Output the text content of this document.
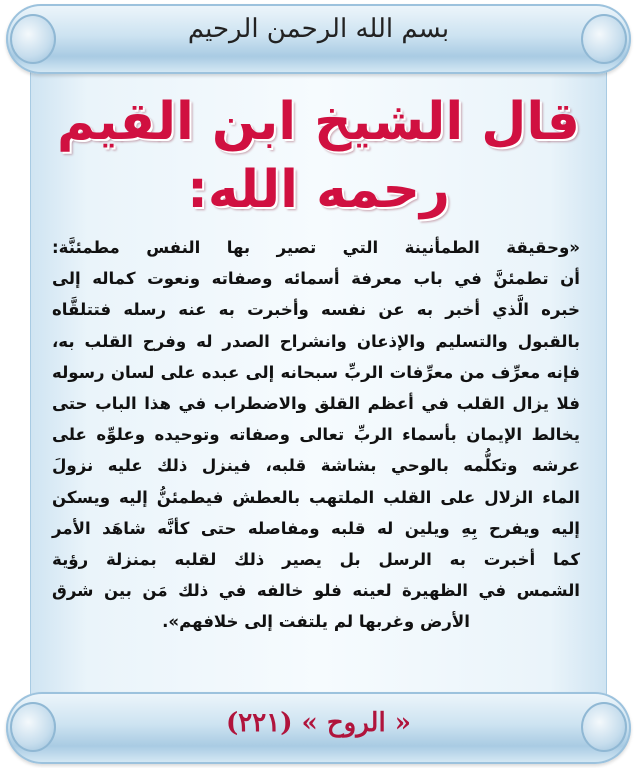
بسم الله الرحمن الرحيم
قال الشيخ ابن القيم
رحمه الله:
«وحقيقة الطمأنينة التي تصير بها النفس مطمئنَّة:
أن تطمئنَّ في باب معرفة أسمائه وصفاته ونعوت كماله إلى
خبره الَّذي أخبر به عن نفسه وأخبرت به عنه رسله فتتلقَّاه
بالقبول والتسليم والإذعان وانشراح الصدر له وفرح القلب به،
فإنه معرِّف من معرِّفات الربِّ سبحانه إلى عبده على لسان رسوله
فلا يزال القلب في أعظم القلق والاضطراب في هذا الباب حتى
يخالط الإيمان بأسماء الربِّ تعالى وصفاته وتوحيده وعلوِّه على
عرشه وتكلُّمه بالوحي بشاشة قلبه، فينزل ذلك عليه نزولَ
الماء الزلال على القلب الملتهب بالعطش فيطمئنُّ إليه ويسكن
إليه ويفرح بِهِ ويلين له قلبه ومفاصله حتى كأنَّه شاهَد الأمر
كما أخبرت به الرسل بل يصير ذلك لقلبه بمنزلة رؤية
الشمس في الظهيرة لعينه فلو خالفه في ذلك مَن بين شرق
الأرض وغربها لم يلتفت إلى خلافهم».
« الروح » (٢٢١)
